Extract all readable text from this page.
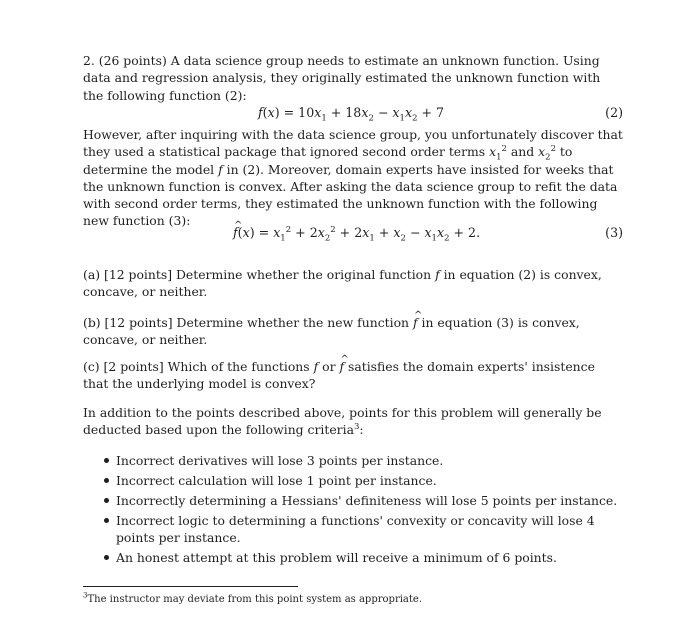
2. (26 points) A data science group needs to estimate an unknown function. Using data and regression analysis, they originally estimated the unknown function with the following function (2):

$f(x) = 10x_1 + 18x_2 - x_1x_2 + 7$	(2)

However, after inquiring with the data science group, you unfortunately discover that they used a statistical package that ignored second order terms $x_1^2$ and $x_2^2$ to determine the model f in (2). Moreover, domain experts have insisted for weeks that the unknown function is convex. After asking the data science group to refit the data with second order terms, they estimated the unknown function with the following new function (3):

^ $f(x) = x_1^2 + 2x_2^2 + 2x_1 + x_2 - x_1x_2 + 2$.	(3)

(a) [12 points] Determine whether the original function f in equation (2) is convex, concave, or neither.

(b) [12 points] Determine whether the new function ^ f in equation (3) is convex, concave, or neither.

(c) [2 points] Which of the functions f or ^ f satisfies the domain experts' insistence that the underlying model is convex?

In addition to the points described above, points for this problem will generally be deducted based upon the following criteria$^3$:

Incorrect derivatives will lose 3 points per instance.
Incorrect calculation will lose 1 point per instance.
Incorrectly determining a Hessians' definiteness will lose 5 points per instance.
Incorrect logic to determining a functions' convexity or concavity will lose 4 points per instance.
An honest attempt at this problem will receive a minimum of 6 points.
$^3$The instructor may deviate from this point system as appropriate.
